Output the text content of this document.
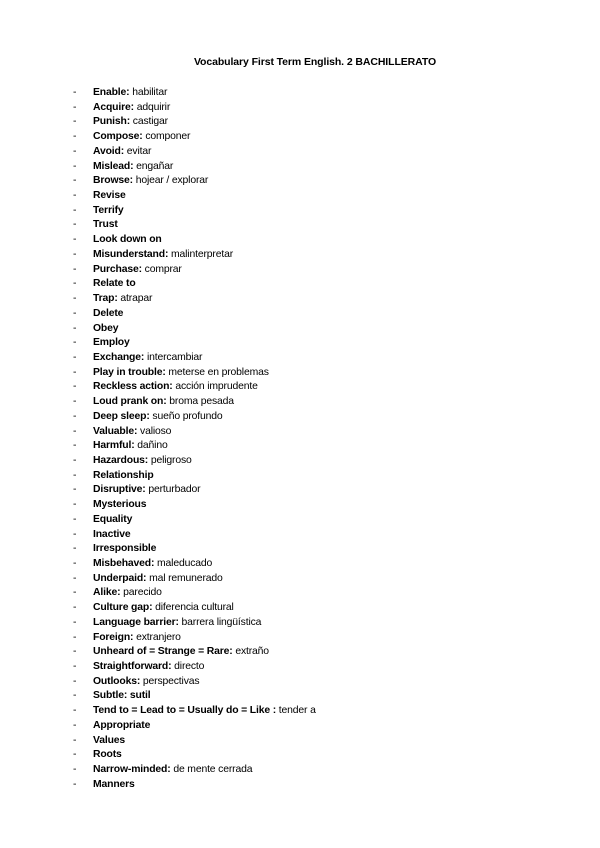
Vocabulary First Term English. 2 BACHILLERATO
- Enable: habilitar
- Acquire: adquirir
- Punish: castigar
- Compose: componer
- Avoid: evitar
- Mislead: engañar
- Browse: hojear / explorar
- Revise
- Terrify
- Trust
- Look down on
- Misunderstand: malinterpretar
- Purchase: comprar
- Relate to
- Trap: atrapar
- Delete
- Obey
- Employ
- Exchange: intercambiar
- Play in trouble: meterse en problemas
- Reckless action: acción imprudente
- Loud prank on: broma pesada
- Deep sleep: sueño profundo
- Valuable: valioso
- Harmful: dañino
- Hazardous: peligroso
- Relationship
- Disruptive: perturbador
- Mysterious
- Equality
- Inactive
- Irresponsible
- Misbehaved: maleducado
- Underpaid: mal remunerado
- Alike: parecido
- Culture gap: diferencia cultural
- Language barrier: barrera lingüística
- Foreign: extranjero
- Unheard of = Strange = Rare: extraño
- Straightforward: directo
- Outlooks: perspectivas
- Subtle: sutil
- Tend to = Lead to = Usually do = Like : tender a
- Appropriate
- Values
- Roots
- Narrow-minded: de mente cerrada
- Manners
